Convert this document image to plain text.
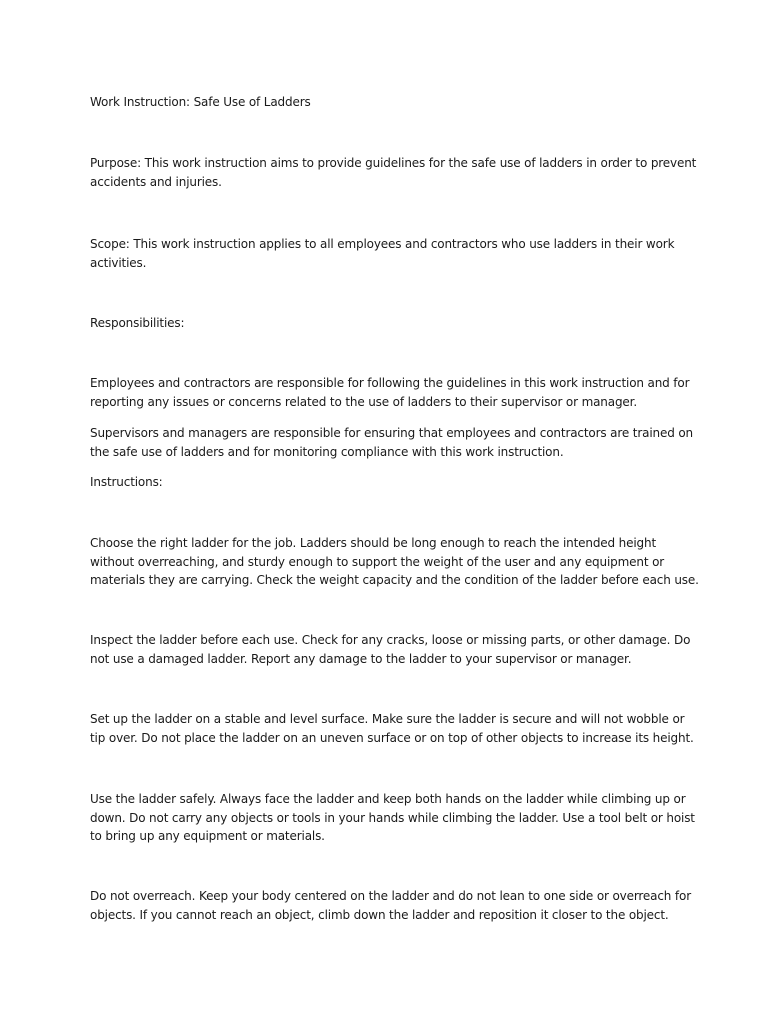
Work Instruction: Safe Use of Ladders

Purpose: This work instruction aims to provide guidelines for the safe use of ladders in order to prevent accidents and injuries.

Scope: This work instruction applies to all employees and contractors who use ladders in their work activities.

Responsibilities:

Employees and contractors are responsible for following the guidelines in this work instruction and for reporting any issues or concerns related to the use of ladders to their supervisor or manager.

Supervisors and managers are responsible for ensuring that employees and contractors are trained on the safe use of ladders and for monitoring compliance with this work instruction.

Instructions:

Choose the right ladder for the job. Ladders should be long enough to reach the intended height without overreaching, and sturdy enough to support the weight of the user and any equipment or materials they are carrying. Check the weight capacity and the condition of the ladder before each use.

Inspect the ladder before each use. Check for any cracks, loose or missing parts, or other damage. Do not use a damaged ladder. Report any damage to the ladder to your supervisor or manager.

Set up the ladder on a stable and level surface. Make sure the ladder is secure and will not wobble or tip over. Do not place the ladder on an uneven surface or on top of other objects to increase its height.

Use the ladder safely. Always face the ladder and keep both hands on the ladder while climbing up or down. Do not carry any objects or tools in your hands while climbing the ladder. Use a tool belt or hoist to bring up any equipment or materials.

Do not overreach. Keep your body centered on the ladder and do not lean to one side or overreach for objects. If you cannot reach an object, climb down the ladder and reposition it closer to the object.
